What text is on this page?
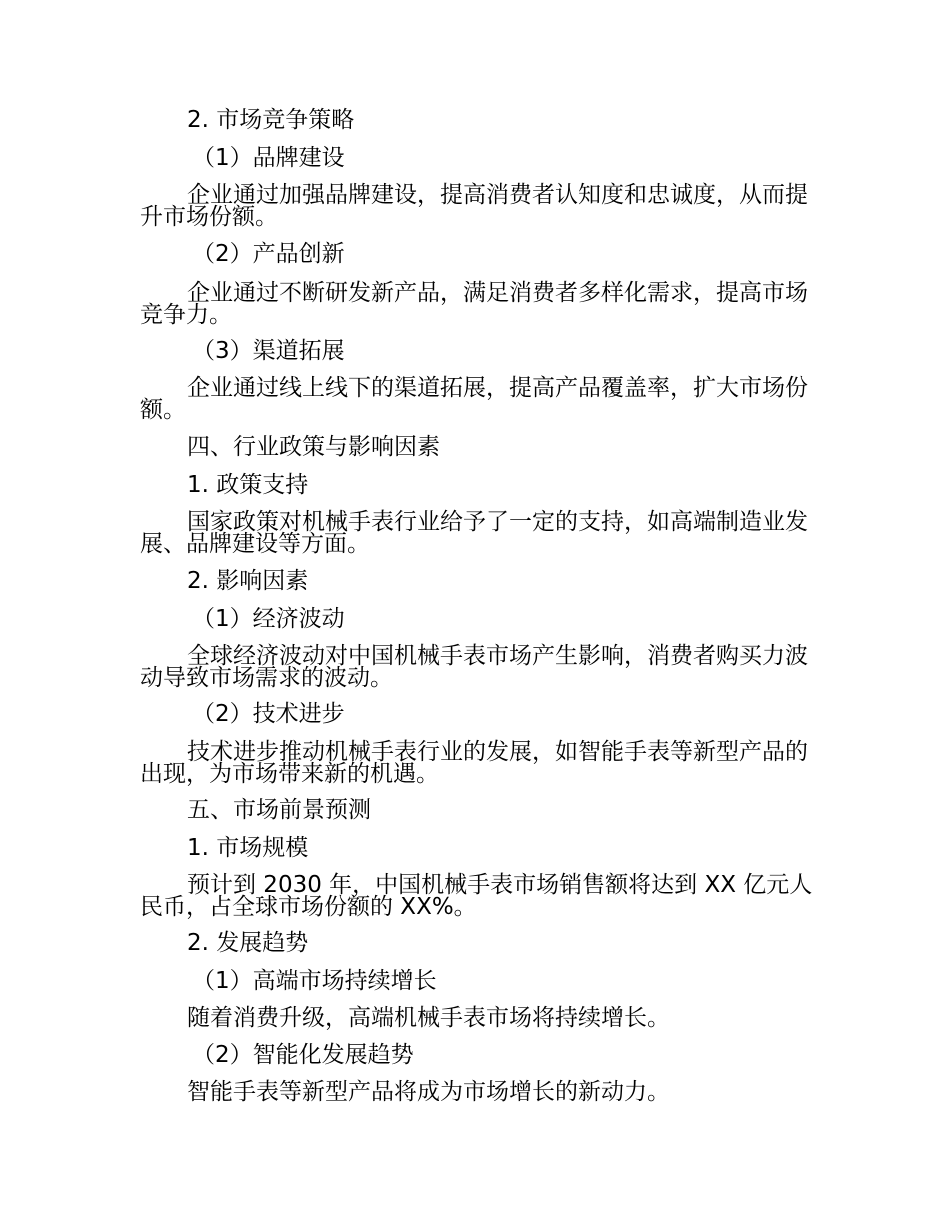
2. 市场竞争策略
（1）品牌建设
企业通过加强品牌建设，提高消费者认知度和忠诚度，从而提升市场份额。
（2）产品创新
企业通过不断研发新产品，满足消费者多样化需求，提高市场竞争力。
（3）渠道拓展
企业通过线上线下的渠道拓展，提高产品覆盖率，扩大市场份额。
四、行业政策与影响因素
1. 政策支持
国家政策对机械手表行业给予了一定的支持，如高端制造业发展、品牌建设等方面。
2. 影响因素
（1）经济波动
全球经济波动对中国机械手表市场产生影响，消费者购买力波动导致市场需求的波动。
（2）技术进步
技术进步推动机械手表行业的发展，如智能手表等新型产品的出现，为市场带来新的机遇。
五、市场前景预测
1. 市场规模
预计到 2030 年，中国机械手表市场销售额将达到 XX 亿元人民币，占全球市场份额的 XX%。
2. 发展趋势
（1）高端市场持续增长
随着消费升级，高端机械手表市场将持续增长。
（2）智能化发展趋势
智能手表等新型产品将成为市场增长的新动力。
